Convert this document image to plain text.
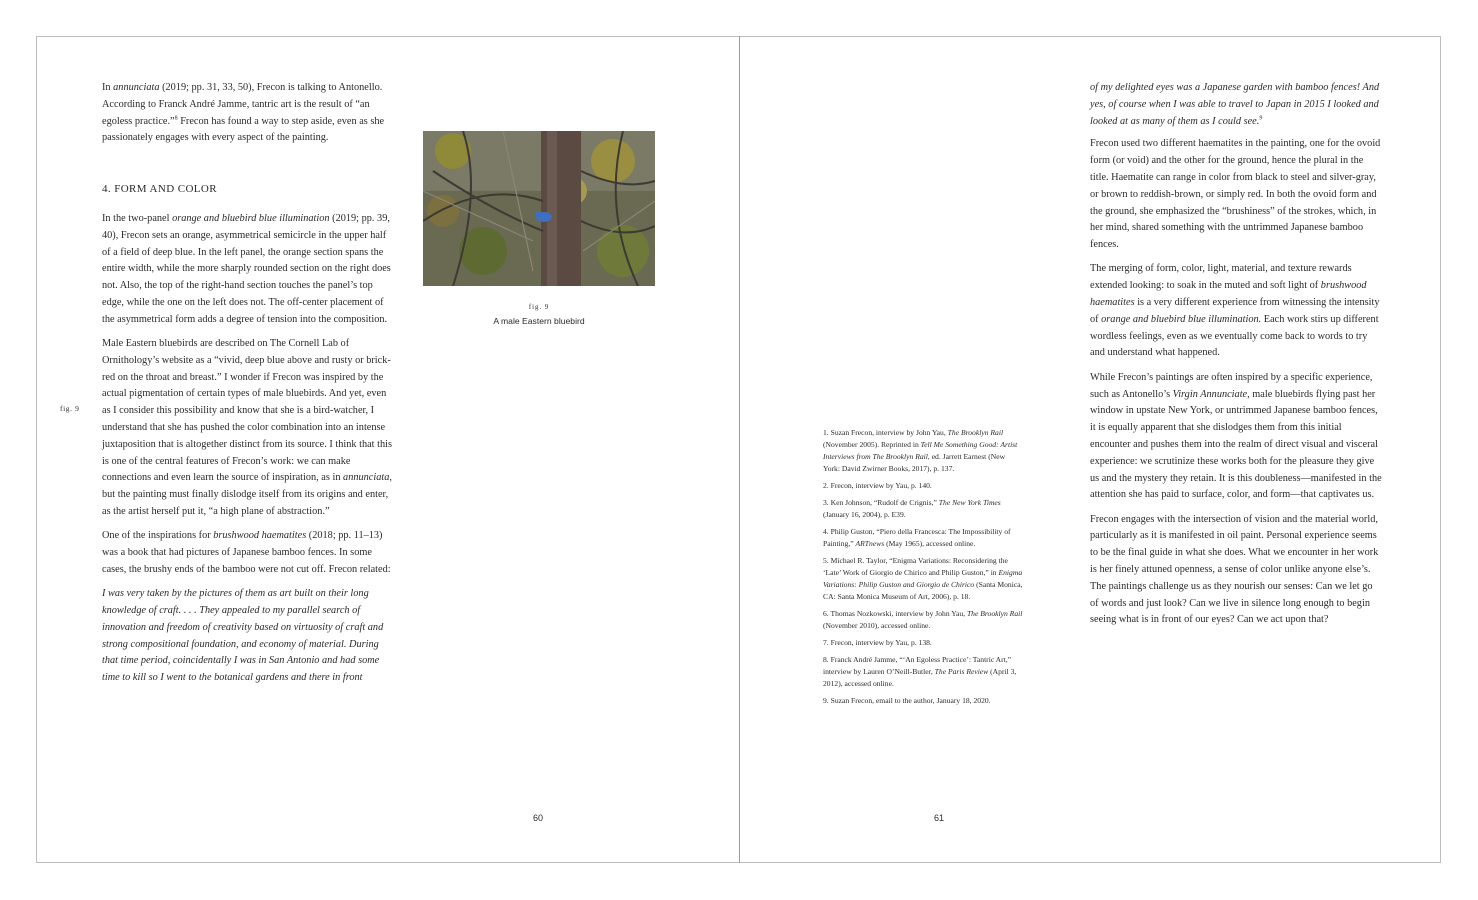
In annunciata (2019; pp. 31, 33, 50), Frecon is talking to Antonello. According to Franck André Jamme, tantric art is the result of “an egoless practice.”$^8$ Frecon has found a way to step aside, even as she passionately engages with every aspect of the painting.

4. FORM AND COLOR

In the two-panel orange and bluebird blue illumination (2019; pp. 39, 40), Frecon sets an orange, asymmetrical semicircle in the upper half of a field of deep blue. In the left panel, the orange section spans the entire width, while the more sharply rounded section on the right does not. Also, the top of the right-hand section touches the panel’s top edge, while the one on the left does not. The off-center placement of the asymmetrical form adds a degree of tension into the composition.

Male Eastern bluebirds are described on The Cornell Lab of Ornithology’s website as a “vivid, deep blue above and rusty or brick-red on the throat and breast.” I wonder if Frecon was inspired by the actual pigmentation of certain types of male bluebirds. And yet, even as I consider this possibility and know that she is a bird-watcher, I understand that she has pushed the color combination into an intense juxtaposition that is altogether distinct from its source. I think that this is one of the central features of Frecon’s work: we can make connections and even learn the source of inspiration, as in annunciata, but the painting must finally dislodge itself from its origins and enter, as the artist herself put it, “a high plane of abstraction.”

One of the inspirations for brushwood haematites (2018; pp. 11–13) was a book that had pictures of Japanese bamboo fences. In some cases, the brushy ends of the bamboo were not cut off. Frecon related:

I was very taken by the pictures of them as art built on their long knowledge of craft. . . . They appealed to my parallel search of innovation and freedom of creativity based on virtuosity of craft and strong compositional foundation, and economy of material. During that time period, coincidentally I was in San Antonio and had some time to kill so I went to the botanical gardens and there in front

fig. 9
fig. 9
A male Eastern bluebird
60

1. Suzan Frecon, interview by John Yau, The Brooklyn Rail (November 2005). Reprinted in Tell Me Something Good: Artist Interviews from The Brooklyn Rail, ed. Jarrett Earnest (New York: David Zwirner Books, 2017), p. 137.

2. Frecon, interview by Yau, p. 140.

3. Ken Johnson, “Rudolf de Crignis,” The New York Times (January 16, 2004), p. E39.

4. Philip Guston, “Piero della Francesca: The Impossibility of Painting,” ARTnews (May 1965), accessed online.

5. Michael R. Taylor, “Enigma Variations: Reconsidering the ‘Late’ Work of Giorgio de Chirico and Philip Guston,” in Enigma Variations: Philip Guston and Giorgio de Chirico (Santa Monica, CA: Santa Monica Museum of Art, 2006), p. 18.

6. Thomas Nozkowski, interview by John Yau, The Brooklyn Rail (November 2010), accessed online.

7. Frecon, interview by Yau, p. 138.

8. Franck André Jamme, “‘An Egoless Practice’: Tantric Art,” interview by Lauren O’Neill-Butler, The Paris Review (April 3, 2012), accessed online.

9. Suzan Frecon, email to the author, January 18, 2020.

of my delighted eyes was a Japanese garden with bamboo fences! And yes, of course when I was able to travel to Japan in 2015 I looked and looked at as many of them as I could see.$^9$

Frecon used two different haematites in the painting, one for the ovoid form (or void) and the other for the ground, hence the plural in the title. Haematite can range in color from black to steel and silver-gray, or brown to reddish-brown, or simply red. In both the ovoid form and the ground, she emphasized the “brushiness” of the strokes, which, in her mind, shared something with the untrimmed Japanese bamboo fences.

The merging of form, color, light, material, and texture rewards extended looking: to soak in the muted and soft light of brushwood haematites is a very different experience from witnessing the intensity of orange and bluebird blue illumination. Each work stirs up different wordless feelings, even as we eventually come back to words to try and understand what happened.

While Frecon’s paintings are often inspired by a specific experience, such as Antonello’s Virgin Annunciate, male bluebirds flying past her window in upstate New York, or untrimmed Japanese bamboo fences, it is equally apparent that she dislodges them from this initial encounter and pushes them into the realm of direct visual and visceral experience: we scrutinize these works both for the pleasure they give us and the mystery they retain. It is this doubleness—manifested in the attention she has paid to surface, color, and form—that captivates us.

Frecon engages with the intersection of vision and the material world, particularly as it is manifested in oil paint. Personal experience seems to be the final guide in what she does. What we encounter in her work is her finely attuned openness, a sense of color unlike anyone else’s. The paintings challenge us as they nourish our senses: Can we let go of words and just look? Can we live in silence long enough to begin seeing what is in front of our eyes? Can we act upon that?

61
